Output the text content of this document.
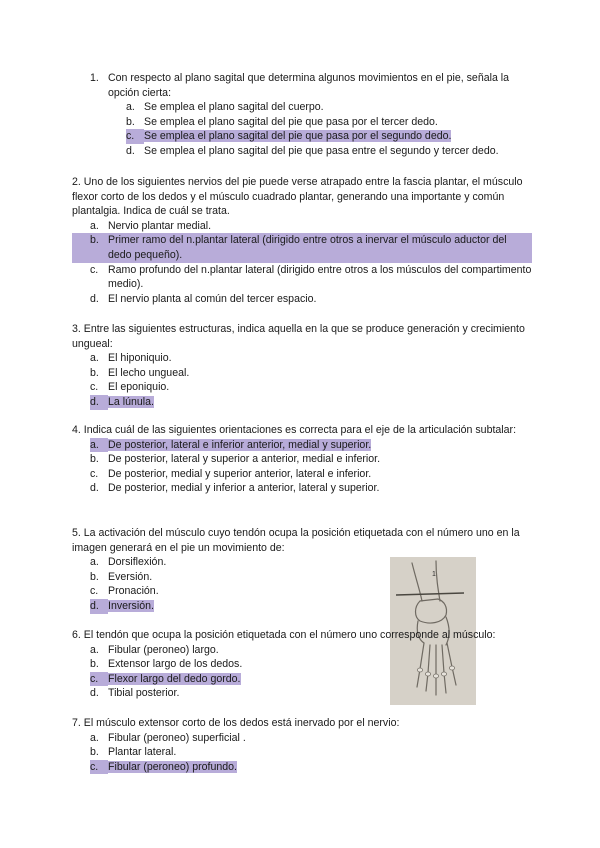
1. Con respecto al plano sagital que determina algunos movimientos en el pie, señala la opción cierta:
a. Se emplea el plano sagital del cuerpo.
b. Se emplea el plano sagital del pie que pasa por el tercer dedo.
c. Se emplea el plano sagital del pie que pasa por el segundo dedo.
d. Se emplea el plano sagital del pie que pasa entre el segundo y tercer dedo.

2. Uno de los siguientes nervios del pie puede verse atrapado entre la fascia plantar, el músculo flexor corto de los dedos y el músculo cuadrado plantar, generando una importante y común plantalgia. Indica de cuál se trata.

a. Nervio plantar medial.
b. Primer ramo del n.plantar lateral (dirigido entre otros a inervar el músculo aductor del dedo pequeño).
c. Ramo profundo del n.plantar lateral (dirigido entre otros a los músculos del compartimento medio).
d. El nervio planta al común del tercer espacio.

3. Entre las siguientes estructuras, indica aquella en la que se produce generación y crecimiento ungueal:

a. El hiponiquio.
b. El lecho ungueal.
c. El eponiquio.
d. La lúnula.

4. Indica cuál de las siguientes orientaciones es correcta para el eje de la articulación subtalar:

a. De posterior, lateral e inferior anterior, medial y superior.
b. De posterior, lateral y superior a anterior, medial e inferior.
c. De posterior, medial y superior anterior, lateral e inferior.
d. De posterior, medial y inferior a anterior, lateral y superior.

5. La activación del músculo cuyo tendón ocupa la posición etiquetada con el número uno en la imagen generará en el pie un movimiento de:

a. Dorsiflexión.
b. Eversión.
c. Pronación.
d. Inversión.
1

6. El tendón que ocupa la posición etiquetada con el número uno corresponde al músculo:

a. Fibular (peroneo) largo.
b. Extensor largo de los dedos.
c. Flexor largo del dedo gordo.
d. Tibial posterior.

7. El músculo extensor corto de los dedos está inervado por el nervio:

a. Fibular (peroneo) superficial .
b. Plantar lateral.
c. Fibular (peroneo) profundo.
